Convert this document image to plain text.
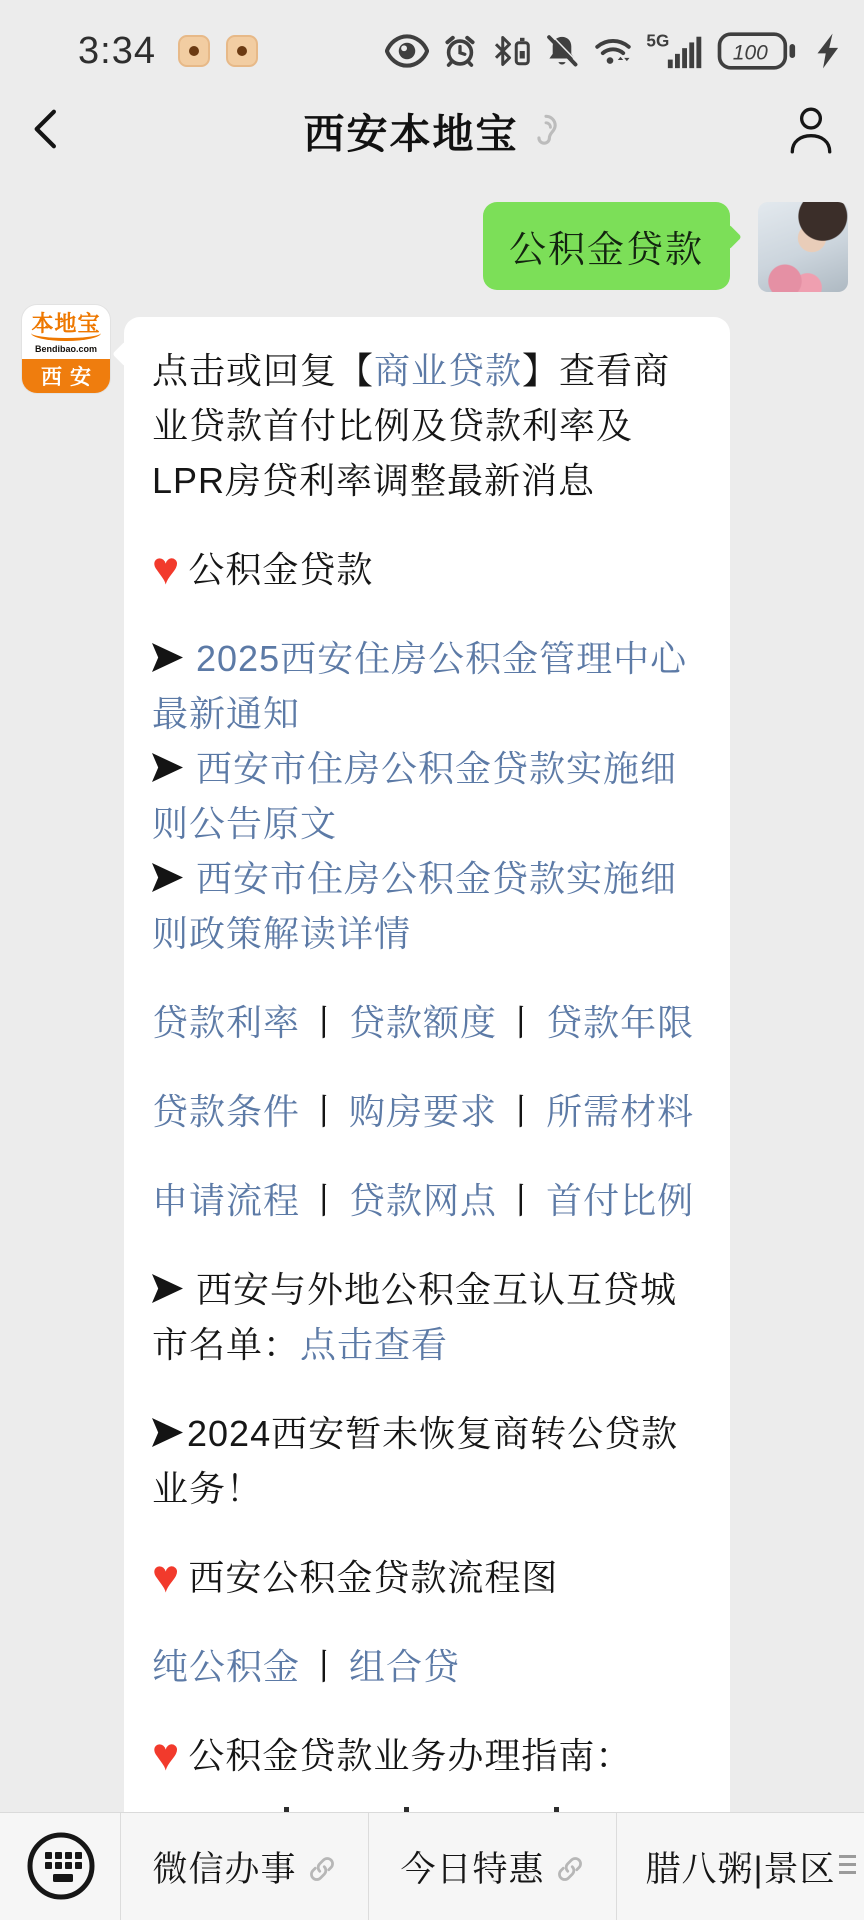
3:34	5G
100
西安本地宝
公积金贷款
本地宝
Bendibao.com
西安	点击或回复【商业贷款】查看商业贷款首付比例及贷款利率及LPR房贷利率调整最新消息
♥ 公积金贷款
2025西安住房公积金管理中心最新通知
西安市住房公积金贷款实施细则公告原文
西安市住房公积金贷款实施细则政策解读详情
贷款利率 丨 贷款额度 丨 贷款年限
贷款条件 丨 购房要求 丨 所需材料
申请流程 丨 贷款网点 丨 首付比例
西安与外地公积金互认互贷城市名单：点击查看
2024西安暂未恢复商转公贷款业务！
♥ 西安公积金贷款流程图
纯公积金 丨 组合贷
♥ 公积金贷款业务办理指南：
微信办事	今日特惠	腊八粥|景区
